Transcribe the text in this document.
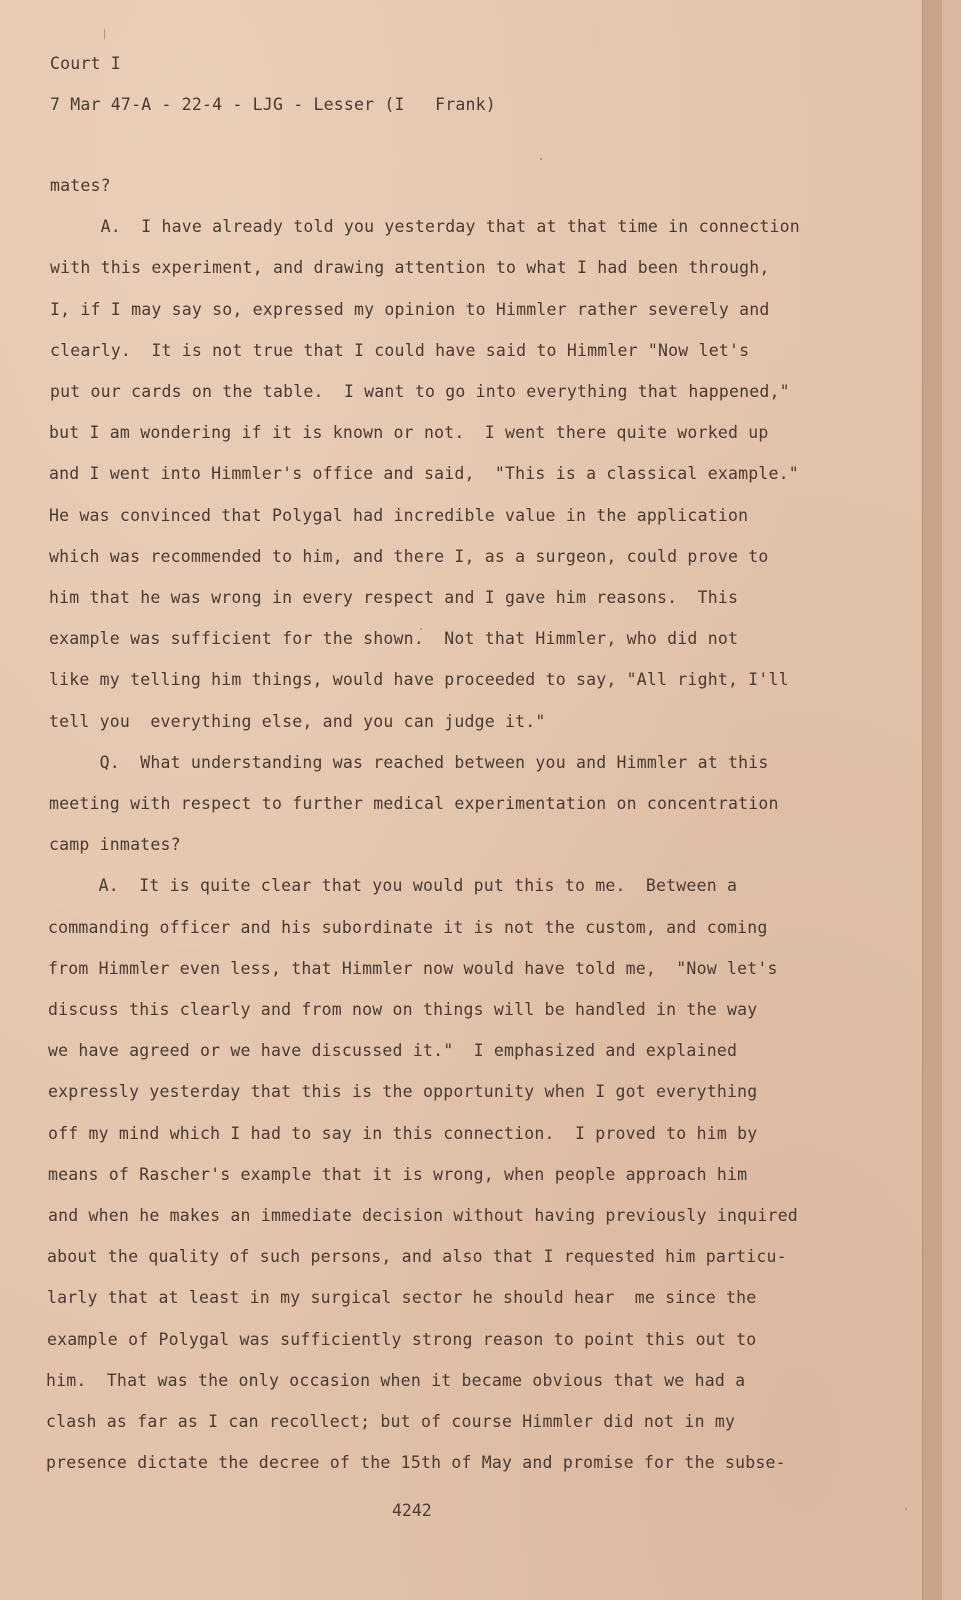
Court I
7 Mar 47-A - 22-4 - LJG - Lesser (I   Frank)
mates?
A.  I have already told you yesterday that at that time in connection
with this experiment, and drawing attention to what I had been through,
I, if I may say so, expressed my opinion to Himmler rather severely and
clearly.  It is not true that I could have said to Himmler "Now let's
put our cards on the table.  I want to go into everything that happened,"
but I am wondering if it is known or not.  I went there quite worked up
and I went into Himmler's office and said,  "This is a classical example."
He was convinced that Polygal had incredible value in the application
which was recommended to him, and there I, as a surgeon, could prove to
him that he was wrong in every respect and I gave him reasons.  This
example was sufficient for the shown.  Not that Himmler, who did not
like my telling him things, would have proceeded to say, "All right, I'll
tell you  everything else, and you can judge it."
Q.  What understanding was reached between you and Himmler at this
meeting with respect to further medical experimentation on concentration
camp inmates?
A.  It is quite clear that you would put this to me.  Between a
commanding officer and his subordinate it is not the custom, and coming
from Himmler even less, that Himmler now would have told me,  "Now let's
discuss this clearly and from now on things will be handled in the way
we have agreed or we have discussed it."  I emphasized and explained
expressly yesterday that this is the opportunity when I got everything
off my mind which I had to say in this connection.  I proved to him by
means of Rascher's example that it is wrong, when people approach him
and when he makes an immediate decision without having previously inquired
about the quality of such persons, and also that I requested him particu-
larly that at least in my surgical sector he should hear  me since the
example of Polygal was sufficiently strong reason to point this out to
him.  That was the only occasion when it became obvious that we had a
clash as far as I can recollect; but of course Himmler did not in my
presence dictate the decree of the 15th of May and promise for the subse-
4242
